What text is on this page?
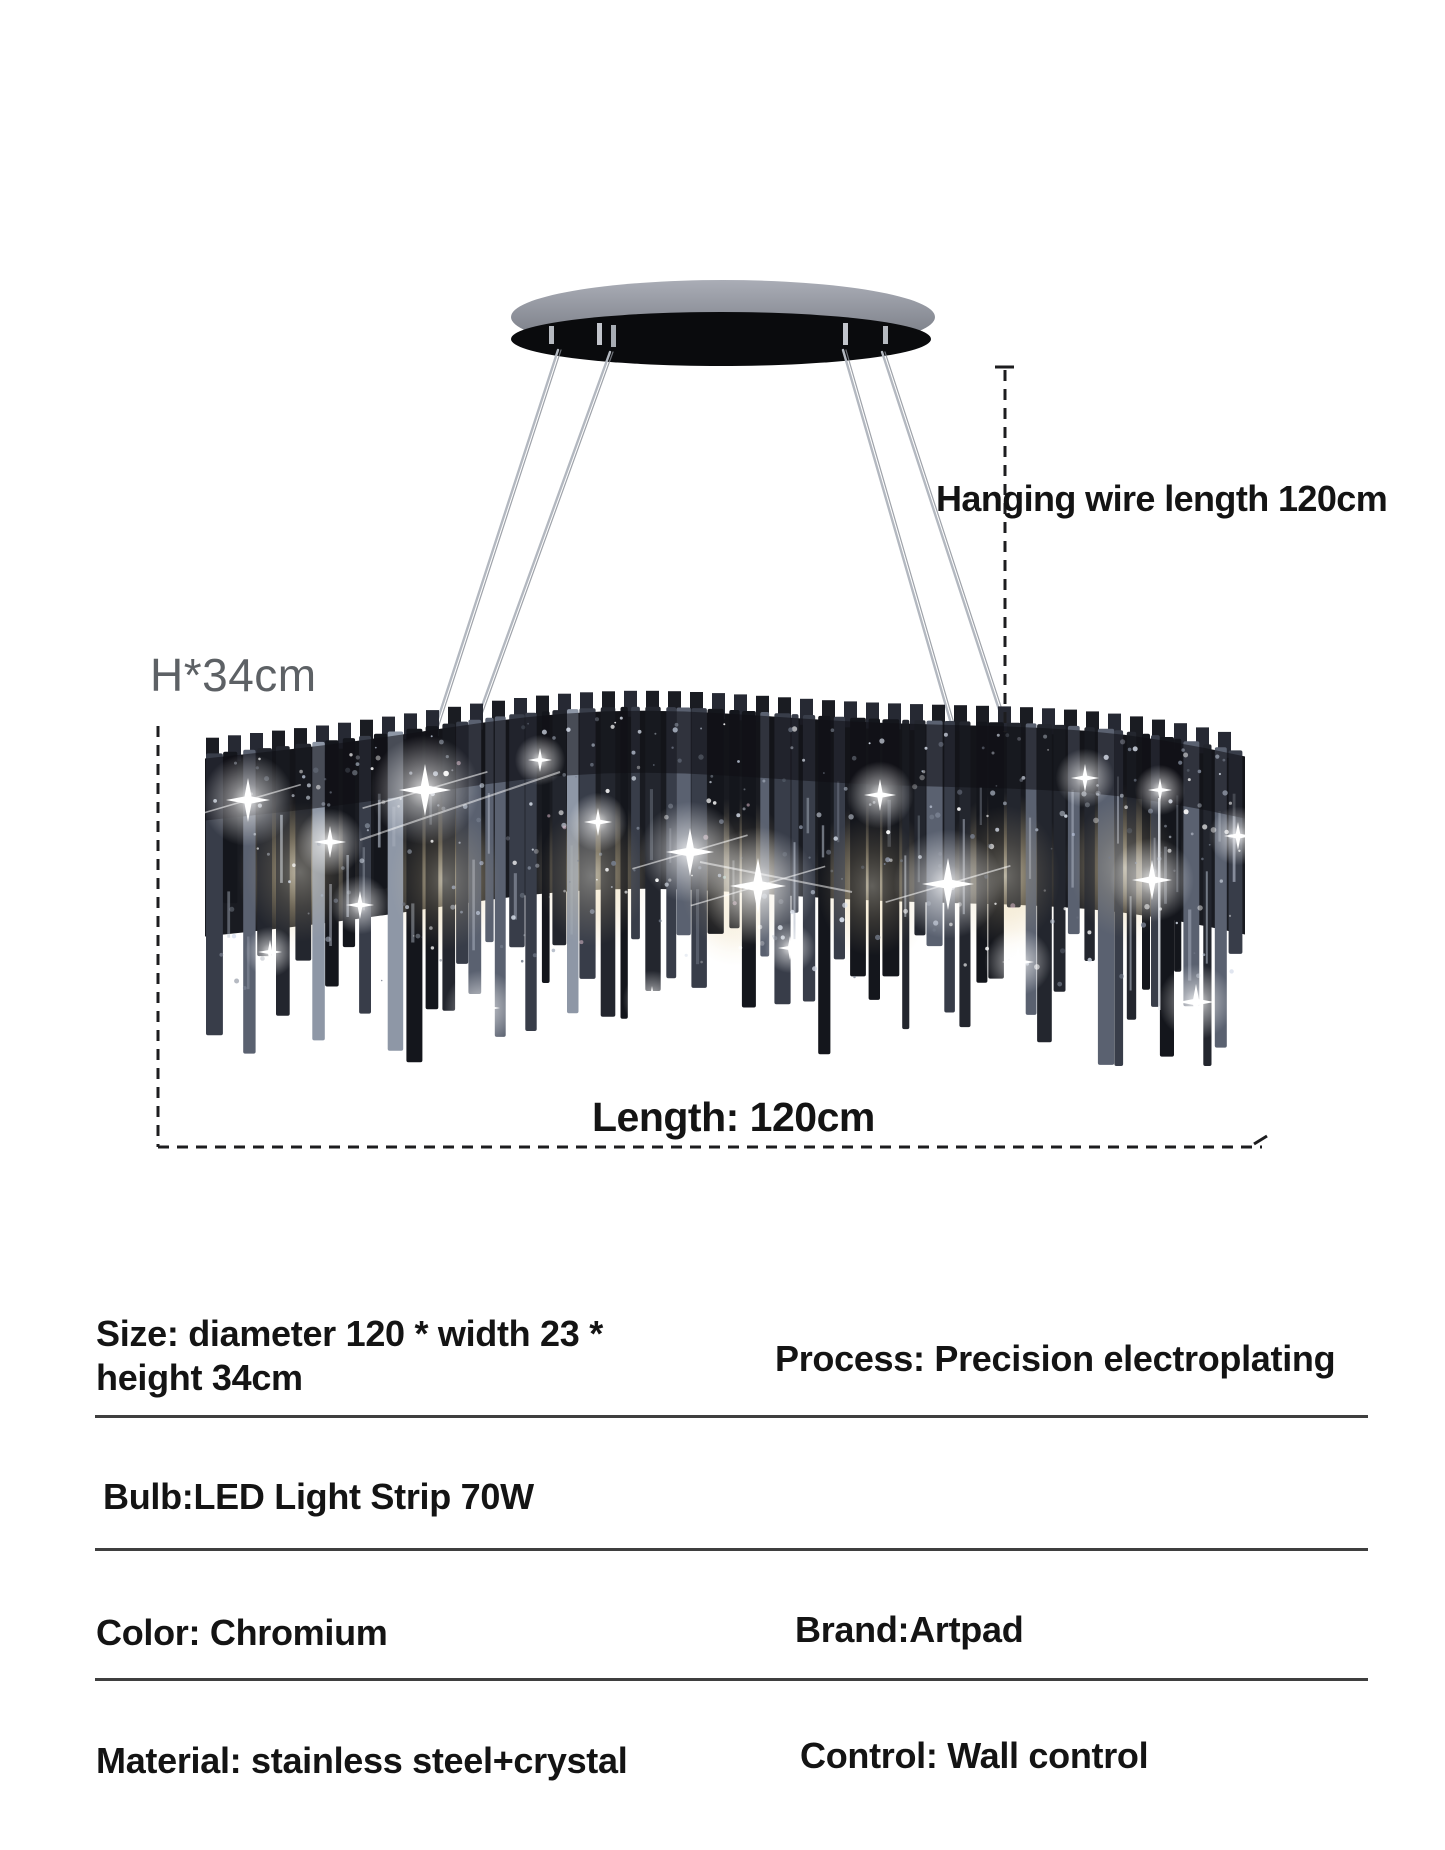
Hanging wire length 120cm
H*34cm
Length: 120cm
Size: diameter 120 * width 23 * height 34cm	Process: Precision electroplating
Bulb:LED Light Strip 70W
Color: Chromium	Brand:Artpad
Material: stainless steel+crystal	Control: Wall control
